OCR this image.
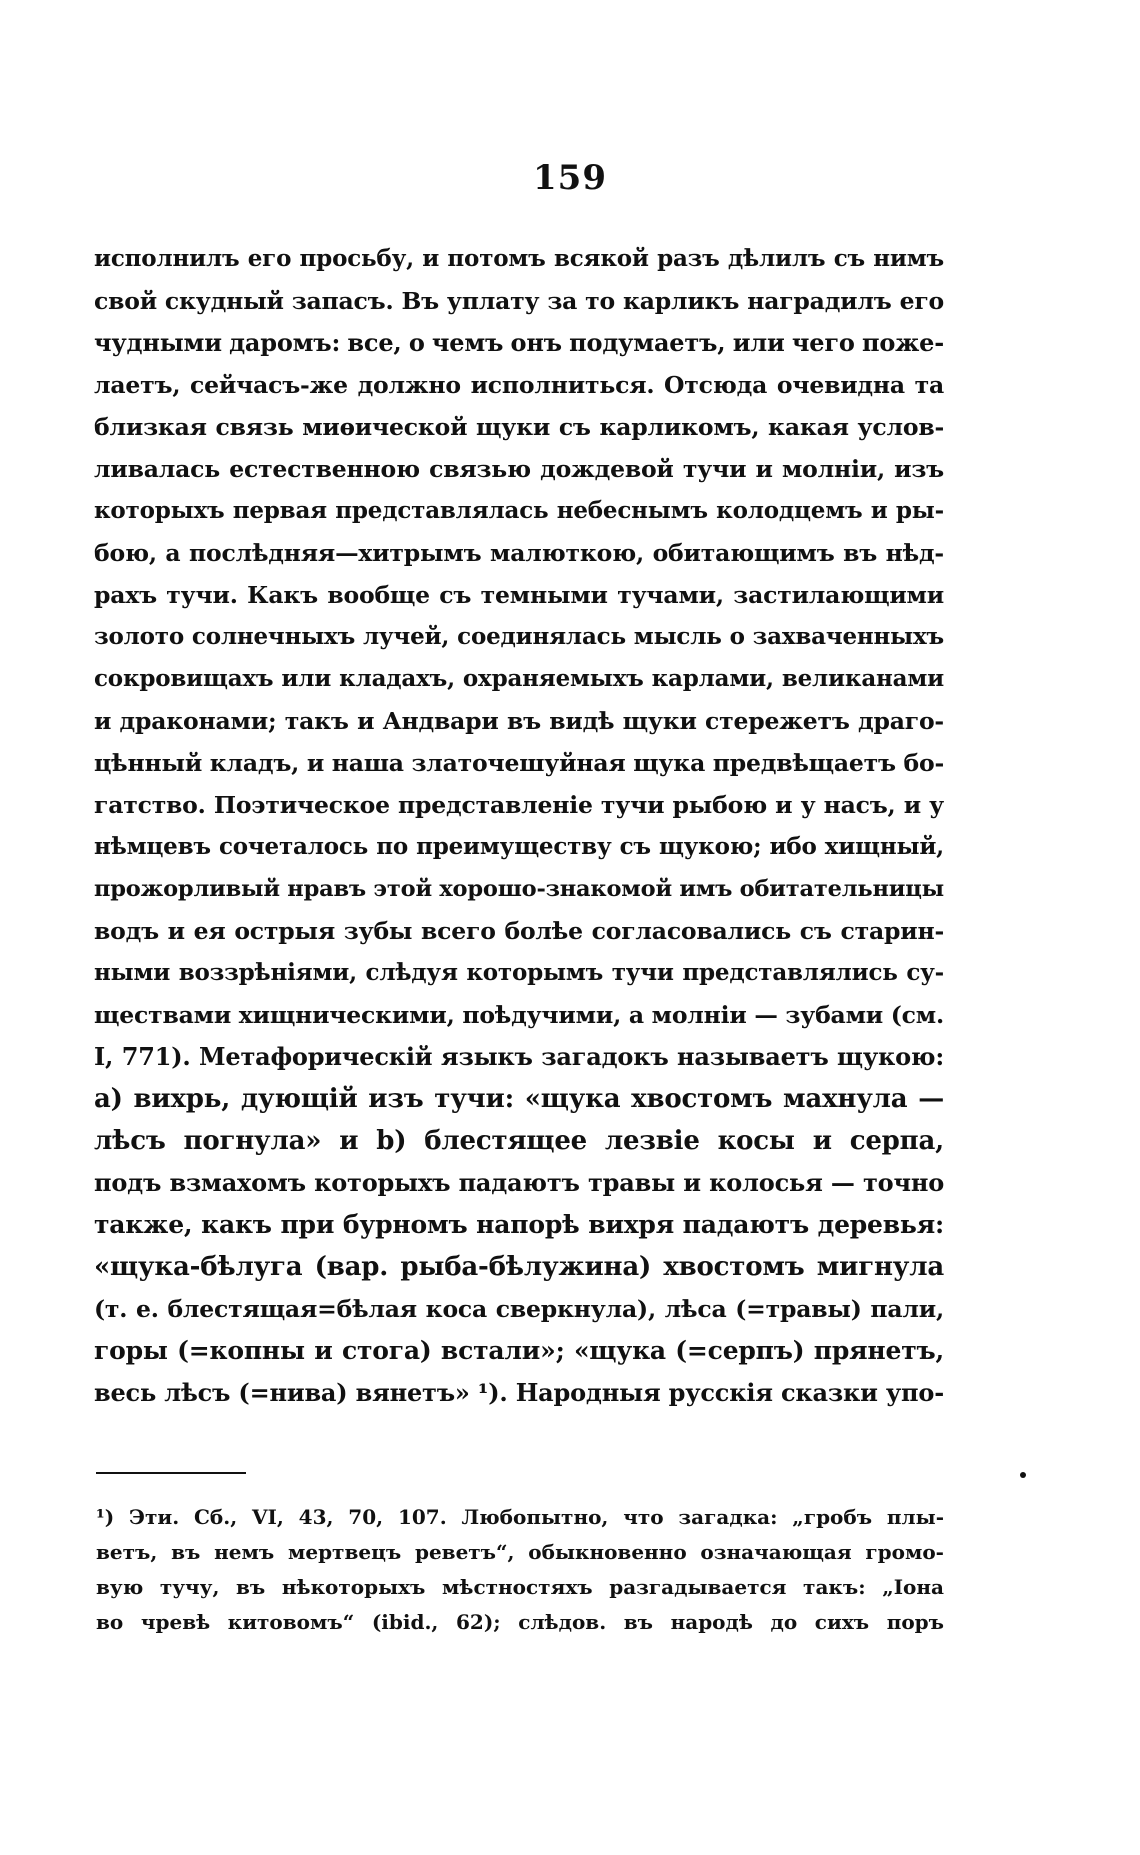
159
исполнилъ его просьбу, и потомъ всякой разъ дѣлилъ съ нимъ
свой скудный запасъ. Въ уплату за то карликъ наградилъ его
чудными даромъ: все, о чемъ онъ подумаетъ, или чего поже-
лаетъ, сейчасъ-же должно исполниться. Отсюда очевидна та
близкая связь миѳической щуки съ карликомъ, какая услов-
ливалась естественною связью дождевой тучи и молніи, изъ
которыхъ первая представлялась небеснымъ колодцемъ и ры-
бою, а послѣдняя—хитрымъ малюткою, обитающимъ въ нѣд-
рахъ тучи. Какъ вообще съ темными тучами, застилающими
золото солнечныхъ лучей, соединялась мысль о захваченныхъ
сокровищахъ или кладахъ, охраняемыхъ карлами, великанами
и драконами; такъ и Андвари въ видѣ щуки стережетъ драго-
цѣнный кладъ, и наша златочешуйная щука предвѣщаетъ бо-
гатство. Поэтическое представленіе тучи рыбою и у насъ, и у
нѣмцевъ сочеталось по преимуществу съ щукою; ибо хищный,
прожорливый нравъ этой хорошо-знакомой имъ обитательницы
водъ и ея острыя зубы всего болѣе согласовались съ старин-
ными воззрѣніями, слѣдуя которымъ тучи представлялись су-
ществами хищническими, поѣдучими, а молніи — зубами (см.
I, 771). Метафорическій языкъ загадокъ называетъ щукою:
a) вихрь, дующій изъ тучи: «щука хвостомъ махнула —
лѣсъ погнула» и b) блестящее лезвіе косы и серпа,
подъ взмахомъ которыхъ падаютъ травы и колосья — точно
также, какъ при бурномъ напорѣ вихря падаютъ деревья:
«щука-бѣлуга (вар. рыба-бѣлужина) хвостомъ мигнула
(т. е. блестящая=бѣлая коса сверкнула), лѣса (=травы) пали,
горы (=копны и стога) встали»; «щука (=серпъ) прянетъ,
весь лѣсъ (=нива) вянетъ» ¹). Народныя русскія сказки упо-
¹) Эти. Сб., VI, 43, 70, 107. Любопытно, что загадка: „гробъ плы-
ветъ, въ немъ мертвецъ реветъ“, обыкновенно означающая громо-
вую тучу, въ нѣкоторыхъ мѣстностяхъ разгадывается такъ: „Іона
во чревѣ китовомъ“ (ibid., 62); слѣдов. въ народѣ до сихъ поръ
